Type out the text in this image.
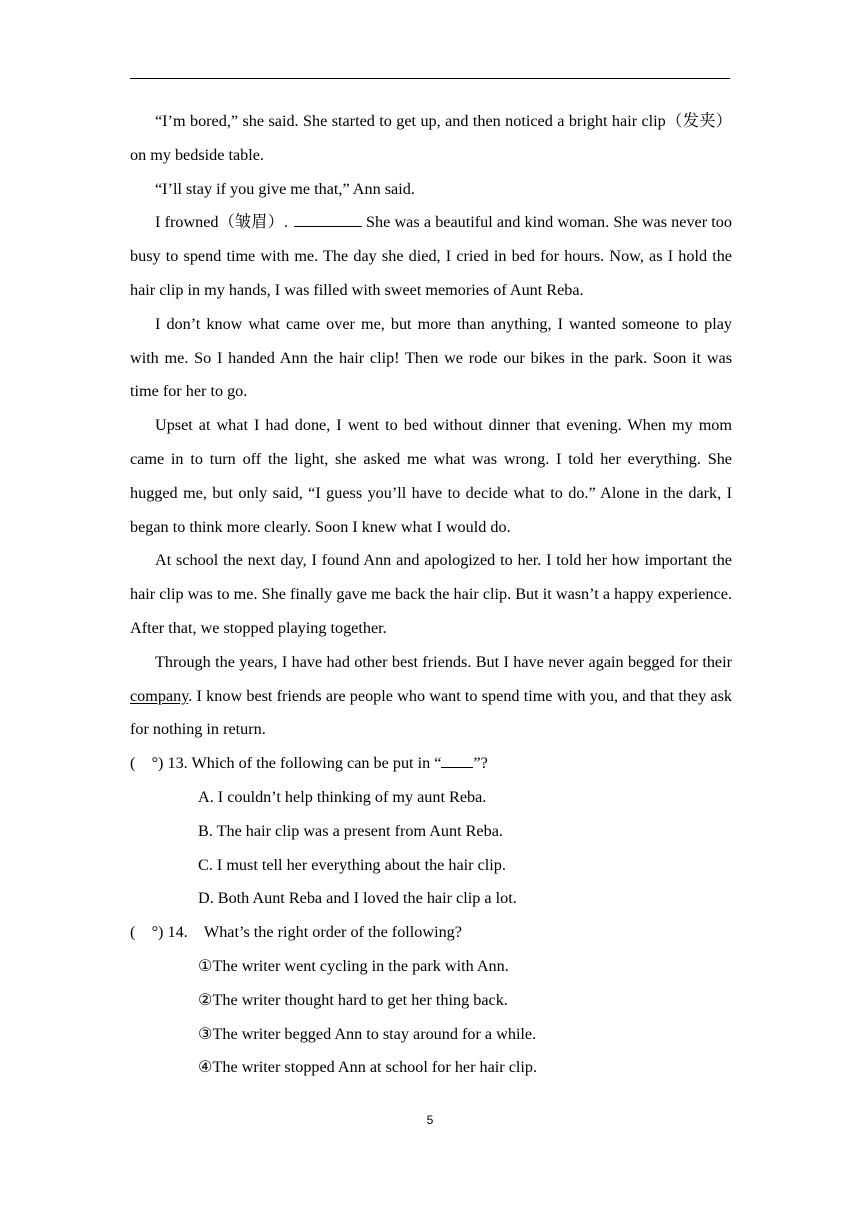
“I’m bored,” she said. She started to get up, and then noticed a bright hair clip（发夹）on my bedside table.

“I’ll stay if you give me that,” Ann said.

I frowned（皱眉）.	She was a beautiful and kind woman. She was never too busy to spend time with me. The day she died, I cried in bed for hours. Now, as I hold the hair clip in my hands, I was filled with sweet memories of Aunt Reba.

I don’t know what came over me, but more than anything, I wanted someone to play with me. So I handed Ann the hair clip! Then we rode our bikes in the park. Soon it was time for her to go.

Upset at what I had done, I went to bed without dinner that evening. When my mom came in to turn off the light, she asked me what was wrong. I told her everything. She hugged me, but only said, “I guess you’ll have to decide what to do.” Alone in the dark, I began to think more clearly. Soon I knew what I would do.

At school the next day, I found Ann and apologized to her. I told her how important the hair clip was to me. She finally gave me back the hair clip. But it wasn’t a happy experience. After that, we stopped playing together.

Through the years, I have had other best friends. But I have never again begged for their company. I know best friends are people who want to spend time with you, and that they ask for nothing in return.

(　°) 13. Which of the following can be put in “ ”?

A. I couldn’t help thinking of my aunt Reba.

B. The hair clip was a present from Aunt Reba.

C. I must tell her everything about the hair clip.

D. Both Aunt Reba and I loved the hair clip a lot.

(　°) 14.　What’s the right order of the following?

①The writer went cycling in the park with Ann.

②The writer thought hard to get her thing back.

③The writer begged Ann to stay around for a while.

④The writer stopped Ann at school for her hair clip.

5
